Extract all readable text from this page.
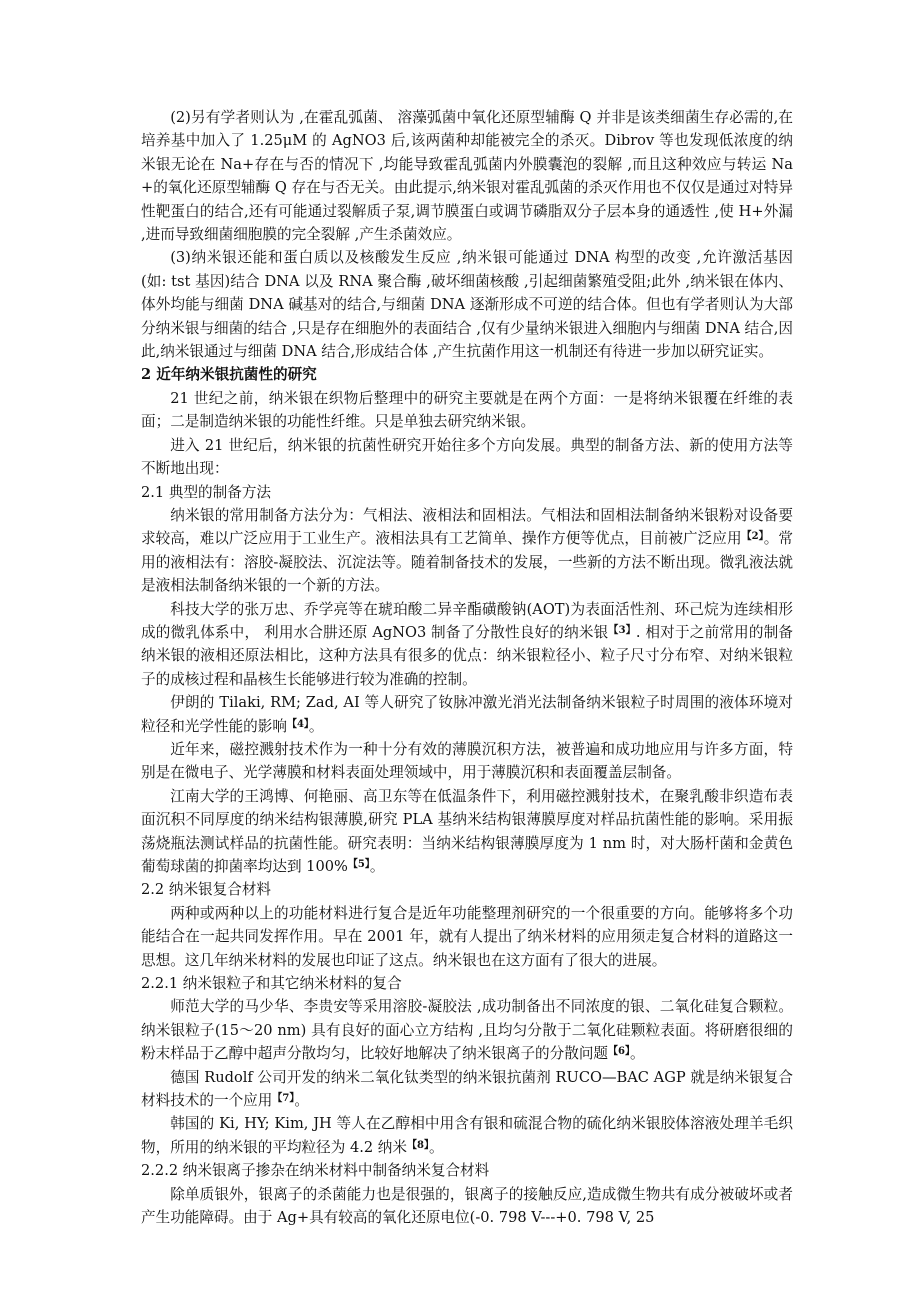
(2)另有学者则认为 ,在霍乱弧菌、 溶藻弧菌中氧化还原型辅酶 Q 并非是该类细菌生存必需的,在培养基中加入了 1.25μM 的 AgNO3 后,该两菌种却能被完全的杀灭。Dibrov 等也发现低浓度的纳米银无论在 Na+存在与否的情况下 ,均能导致霍乱弧菌内外膜囊泡的裂解 ,而且这种效应与转运 Na+的氧化还原型辅酶 Q 存在与否无关。由此提示,纳米银对霍乱弧菌的杀灭作用也不仅仅是通过对特异性靶蛋白的结合,还有可能通过裂解质子泵,调节膜蛋白或调节磷脂双分子层本身的通透性 ,使 H+外漏 ,进而导致细菌细胞膜的完全裂解 ,产生杀菌效应。

(3)纳米银还能和蛋白质以及核酸发生反应 ,纳米银可能通过 DNA 构型的改变 ,允许激活基因 (如: tst 基因)结合 DNA 以及 RNA 聚合酶 ,破坏细菌核酸 ,引起细菌繁殖受阻;此外 ,纳米银在体内、 体外均能与细菌 DNA 碱基对的结合,与细菌 DNA 逐渐形成不可逆的结合体。但也有学者则认为大部分纳米银与细菌的结合 ,只是存在细胞外的表面结合 ,仅有少量纳米银进入细胞内与细菌 DNA 结合,因此,纳米银通过与细菌 DNA 结合,形成结合体 ,产生抗菌作用这一机制还有待进一步加以研究证实。

2 近年纳米银抗菌性的研究

21 世纪之前，纳米银在织物后整理中的研究主要就是在两个方面：一是将纳米银覆在纤维的表面；二是制造纳米银的功能性纤维。只是单独去研究纳米银。

进入 21 世纪后，纳米银的抗菌性研究开始往多个方向发展。典型的制备方法、新的使用方法等不断地出现：

2.1 典型的制备方法

纳米银的常用制备方法分为：气相法、液相法和固相法。气相法和固相法制备纳米银粉对设备要求较高，难以广泛应用于工业生产。液相法具有工艺简单、操作方便等优点，目前被广泛应用$^{【2】}$。常用的液相法有：溶胶-凝胶法、沉淀法等。随着制备技术的发展，一些新的方法不断出现。微乳液法就是液相法制备纳米银的一个新的方法。

科技大学的张万忠、乔学亮等在琥珀酸二异辛酯磺酸钠(AOT)为表面活性剂、环己烷为连续相形成的微乳体系中， 利用水合肼还原 AgNO3 制备了分散性良好的纳米银$^{【3】}$. 相对于之前常用的制备纳米银的液相还原法相比，这种方法具有很多的优点：纳米银粒径小、粒子尺寸分布窄、对纳米银粒子的成核过程和晶核生长能够进行较为准确的控制。

伊朗的 Tilaki, RM; Zad, AI 等人研究了钕脉冲激光消光法制备纳米银粒子时周围的液体环境对粒径和光学性能的影响$^{【4】}$。

近年来，磁控溅射技术作为一种十分有效的薄膜沉积方法，被普遍和成功地应用与许多方面，特别是在微电子、光学薄膜和材料表面处理领域中，用于薄膜沉积和表面覆盖层制备。

江南大学的王鸿博、何艳丽、高卫东等在低温条件下，利用磁控溅射技术，在聚乳酸非织造布表面沉积不同厚度的纳米结构银薄膜,研究 PLA 基纳米结构银薄膜厚度对样品抗菌性能的影响。采用振荡烧瓶法测试样品的抗菌性能。研究表明：当纳米结构银薄膜厚度为 1 nm 时，对大肠杆菌和金黄色葡萄球菌的抑菌率均达到 100%$^{【5】}$。

2.2 纳米银复合材料

两种或两种以上的功能材料进行复合是近年功能整理剂研究的一个很重要的方向。能够将多个功能结合在一起共同发挥作用。早在 2001 年，就有人提出了纳米材料的应用须走复合材料的道路这一思想。这几年纳米材料的发展也印证了这点。纳米银也在这方面有了很大的进展。

2.2.1 纳米银粒子和其它纳米材料的复合

师范大学的马少华、李贵安等采用溶胶-凝胶法 ,成功制备出不同浓度的银、二氧化硅复合颗粒。纳米银粒子(15～20 nm) 具有良好的面心立方结构 ,且均匀分散于二氧化硅颗粒表面。将研磨很细的粉末样品于乙醇中超声分散均匀，比较好地解决了纳米银离子的分散问题$^{【6】}$。

德国 Rudolf 公司开发的纳米二氧化钛类型的纳米银抗菌剂 RUCO—BAC AGP 就是纳米银复合材料技术的一个应用$^{【7】}$。

韩国的 Ki, HY; Kim, JH 等人在乙醇相中用含有银和硫混合物的硫化纳米银胶体溶液处理羊毛织物，所用的纳米银的平均粒径为 4.2 纳米$^{【8】}$。

2.2.2 纳米银离子掺杂在纳米材料中制备纳米复合材料

除单质银外，银离子的杀菌能力也是很强的，银离子的接触反应,造成微生物共有成分被破坏或者产生功能障碍。由于 Ag+具有较高的氧化还原电位(-0. 798 V---+0. 798 V, 25
